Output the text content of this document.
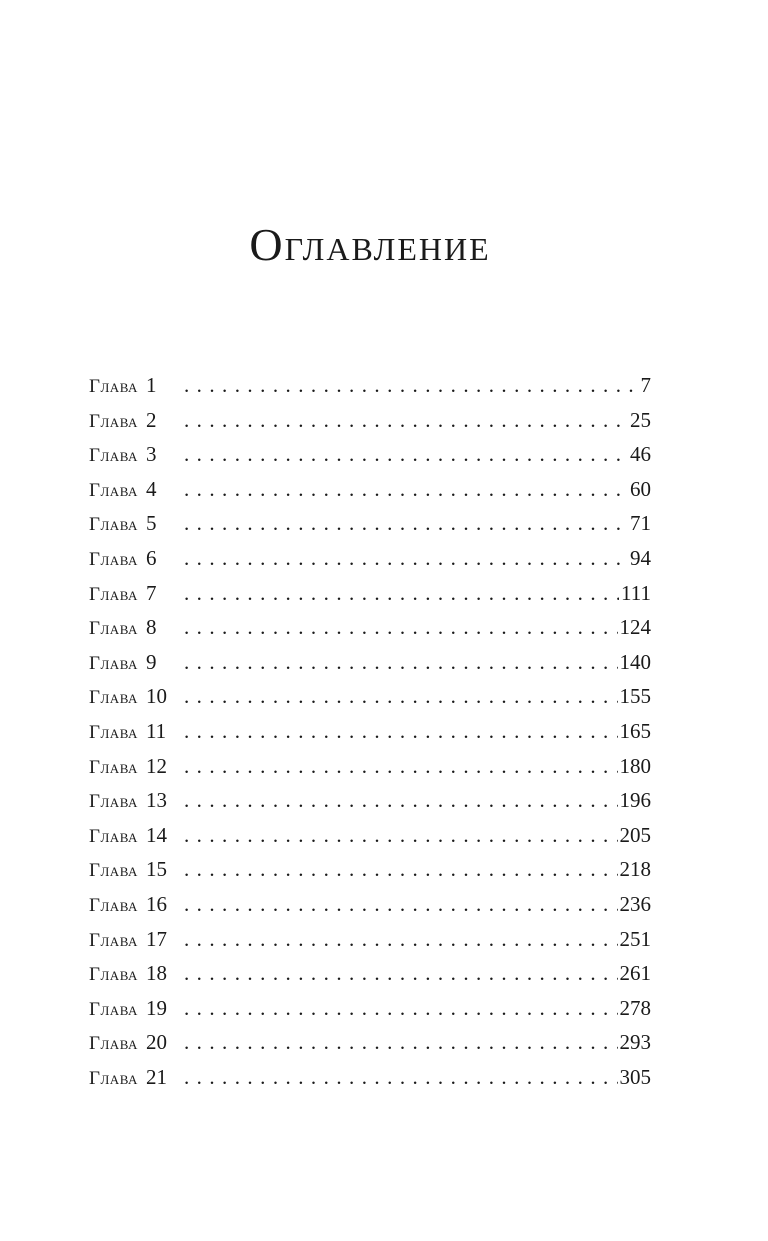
Оглавление
Глава 1 . . .	7
Глава 2 . . .	25
Глава 3 . . .	46
Глава 4 . . .	60
Глава 5 . . .	71
Глава 6 . . .	94
Глава 7 . . .	111
Глава 8 . . .	124
Глава 9 . . .	140
Глава 10 . . .	155
Глава 11 . . .	165
Глава 12 . . .	180
Глава 13 . . .	196
Глава 14 . . .	205
Глава 15 . . .	218
Глава 16 . . .	236
Глава 17 . . .	251
Глава 18 . . .	261
Глава 19 . . .	278
Глава 20 . . .	293
Глава 21 . . .	305
